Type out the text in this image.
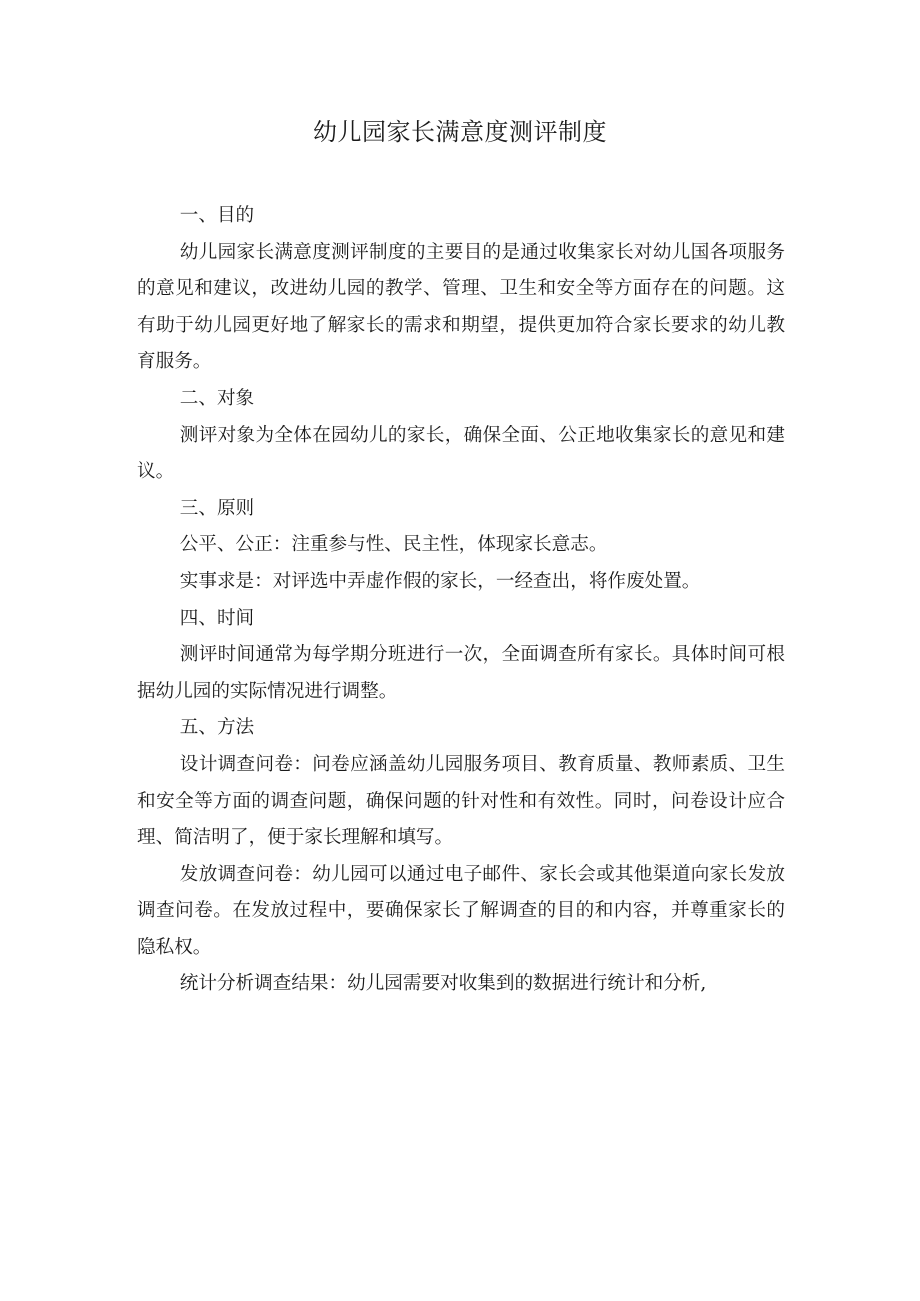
幼儿园家长满意度测评制度

一、目的

幼儿园家长满意度测评制度的主要目的是通过收集家长对幼儿国各项服务的意见和建议，改进幼儿园的教学、管理、卫生和安全等方面存在的问题。这有助于幼儿园更好地了解家长的需求和期望，提供更加符合家长要求的幼儿教育服务。

二、对象

测评对象为全体在园幼儿的家长，确保全面、公正地收集家长的意见和建议。

三、原则

公平、公正：注重参与性、民主性，体现家长意志。

实事求是：对评选中弄虚作假的家长，一经查出，将作废处置。

四、时间

测评时间通常为每学期分班进行一次，全面调查所有家长。具体时间可根据幼儿园的实际情况进行调整。

五、方法

设计调查问卷：问卷应涵盖幼儿园服务项目、教育质量、教师素质、卫生和安全等方面的调查问题，确保问题的针对性和有效性。同时，问卷设计应合理、简洁明了，便于家长理解和填写。

发放调查问卷：幼儿园可以通过电子邮件、家长会或其他渠道向家长发放调查问卷。在发放过程中，要确保家长了解调查的目的和内容，并尊重家长的隐私权。

统计分析调查结果：幼儿园需要对收集到的数据进行统计和分析,
